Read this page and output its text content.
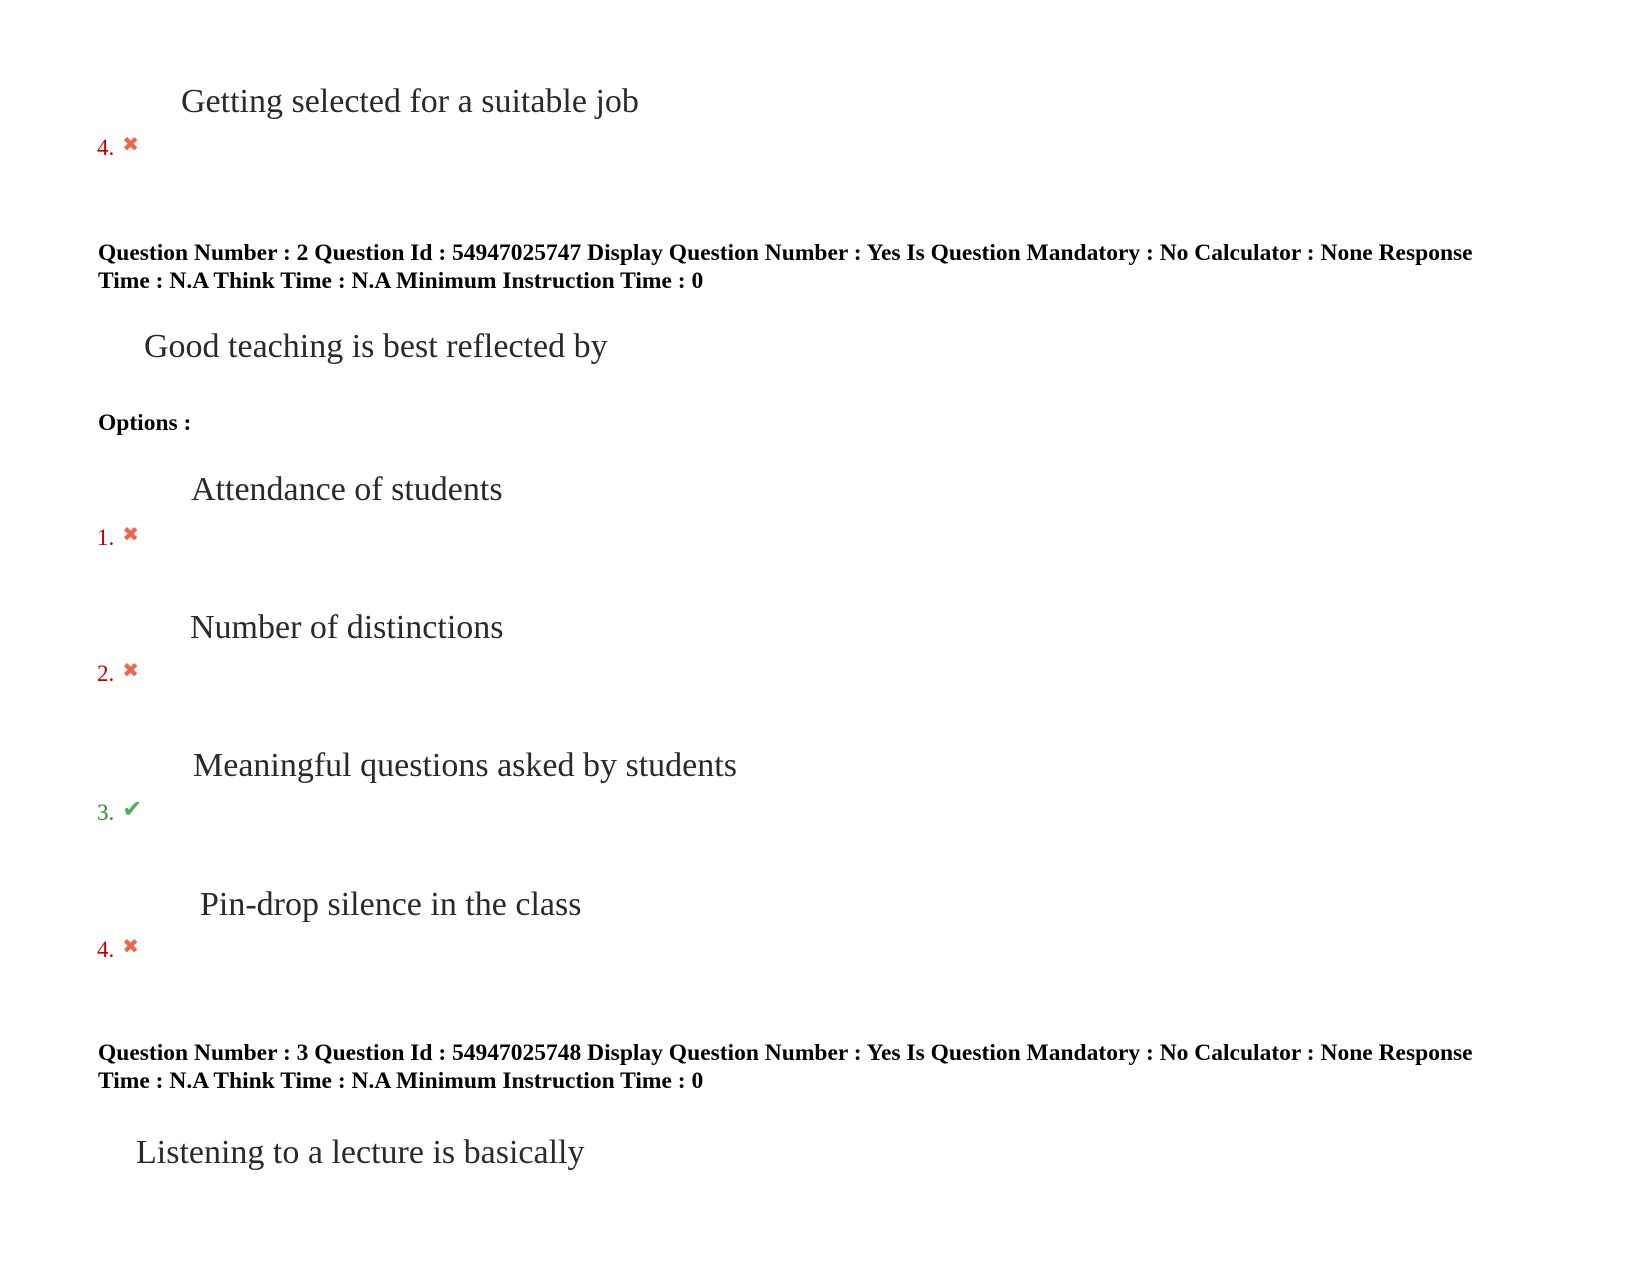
Getting selected for a suitable job
4. ✖
Question Number : 2 Question Id : 54947025747 Display Question Number : Yes Is Question Mandatory : No Calculator : None Response
Time : N.A Think Time : N.A Minimum Instruction Time : 0
Good teaching is best reflected by
Options :
Attendance of students
1. ✖
Number of distinctions
2. ✖
Meaningful questions asked by students
3. ✔
Pin-drop silence in the class
4. ✖
Question Number : 3 Question Id : 54947025748 Display Question Number : Yes Is Question Mandatory : No Calculator : None Response
Time : N.A Think Time : N.A Minimum Instruction Time : 0
Listening to a lecture is basically
